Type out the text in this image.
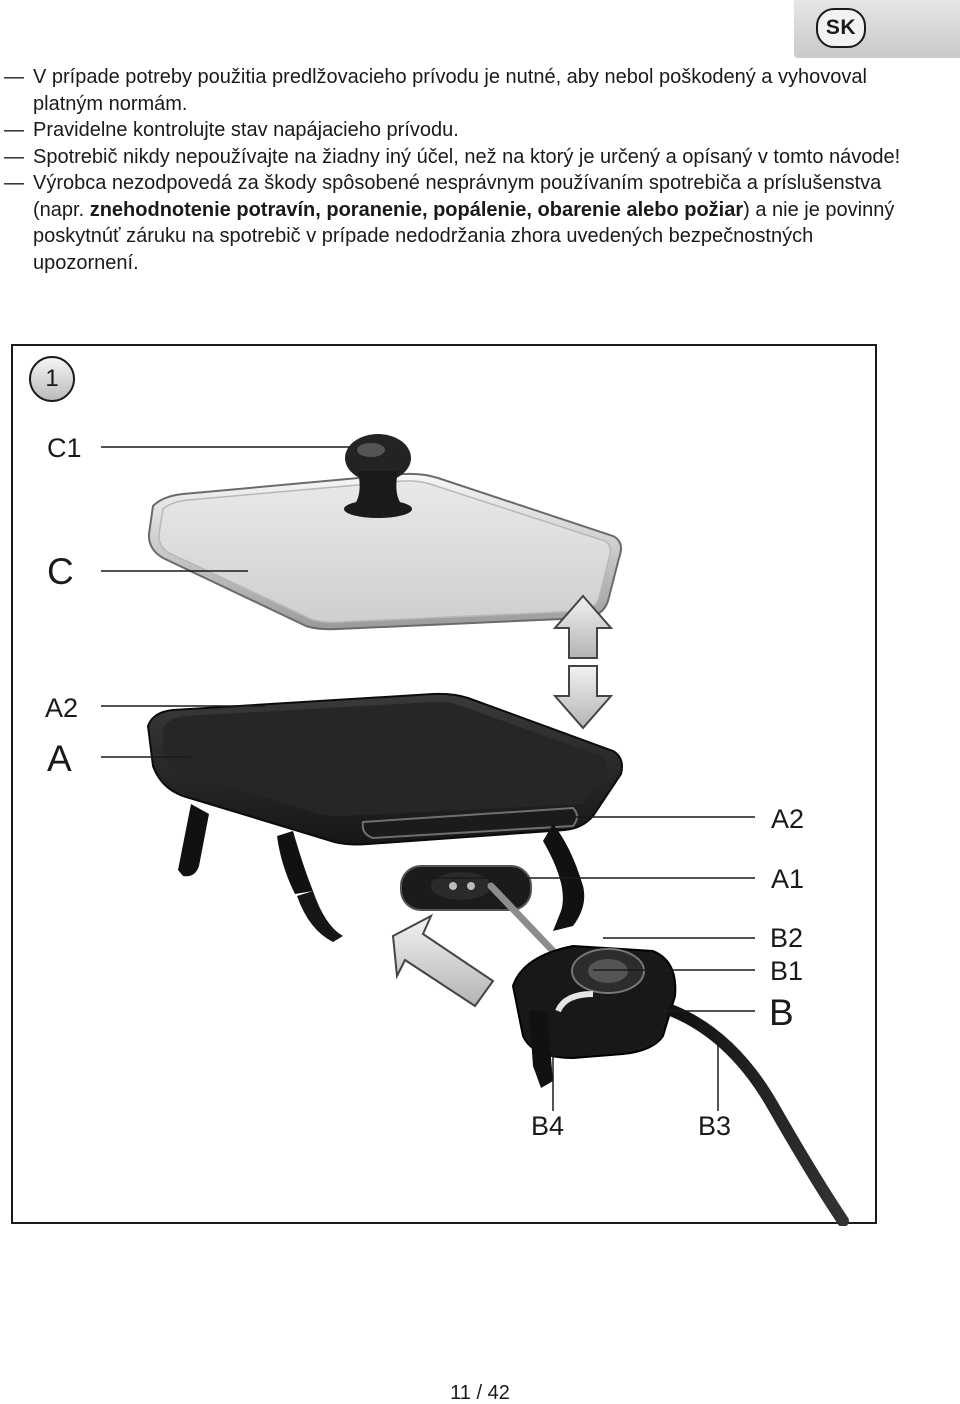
SK
— V prípade potreby použitia predlžovacieho prívodu je nutné, aby nebol poškodený a vyhovoval platným normám.
— Pravidelne kontrolujte stav napájacieho prívodu.
— Spotrebič nikdy nepoužívajte na žiadny iný účel, než na ktorý je určený a opísaný v tomto návode!
— Výrobca nezodpovedá za škody spôsobené nesprávnym používaním spotrebiča a príslušenstva (napr. znehodnotenie potravín, poranenie, popálenie, obarenie alebo požiar) a nie je povinný poskytnúť záruku na spotrebič v prípade nedodržania zhora uvedených bezpečnostných upozornení.
1
C1
C
A2
A
A2
A1
B2
B1
B
B4	B3
11 / 42
